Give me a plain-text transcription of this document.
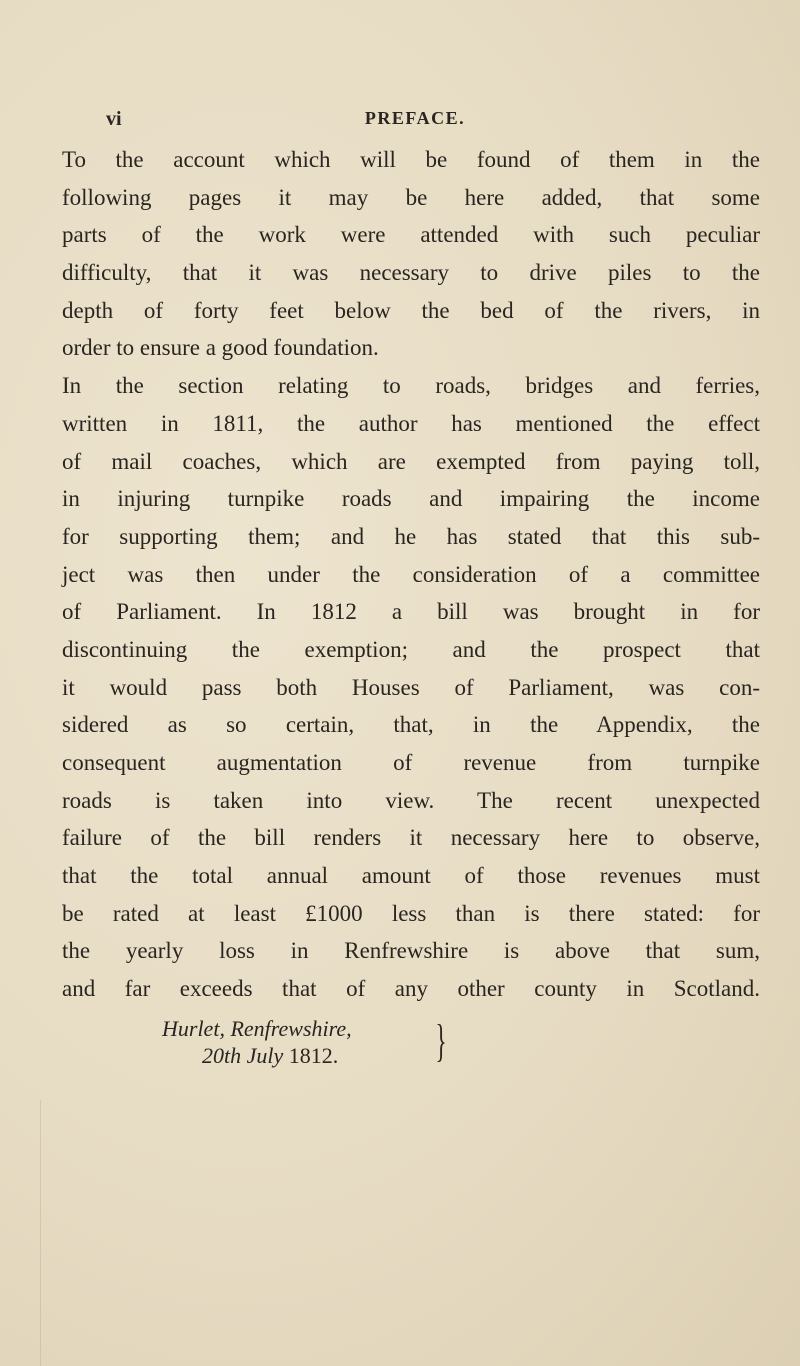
vi	PREFACE.
To the account which will be found of them in the
following pages it may be here added, that some
parts of the work were attended with such peculiar
difficulty, that it was necessary to drive piles to the
depth of forty feet below the bed of the rivers, in
order to ensure a good foundation.
In the section relating to roads, bridges and ferries,
written in 1811, the author has mentioned the effect
of mail coaches, which are exempted from paying toll,
in injuring turnpike roads and impairing the income
for supporting them; and he has stated that this sub-
ject was then under the consideration of a committee
of Parliament. In 1812 a bill was brought in for
discontinuing the exemption; and the prospect that
it would pass both Houses of Parliament, was con-
sidered as so certain, that, in the Appendix, the
consequent augmentation of revenue from turnpike
roads is taken into view. The recent unexpected
failure of the bill renders it necessary here to observe,
that the total annual amount of those revenues must
be rated at least £1000 less than is there stated: for
the yearly loss in Renfrewshire is above that sum,
and far exceeds that of any other county in Scotland.
Hurlet, Renfrewshire,
20th July 1812. }
